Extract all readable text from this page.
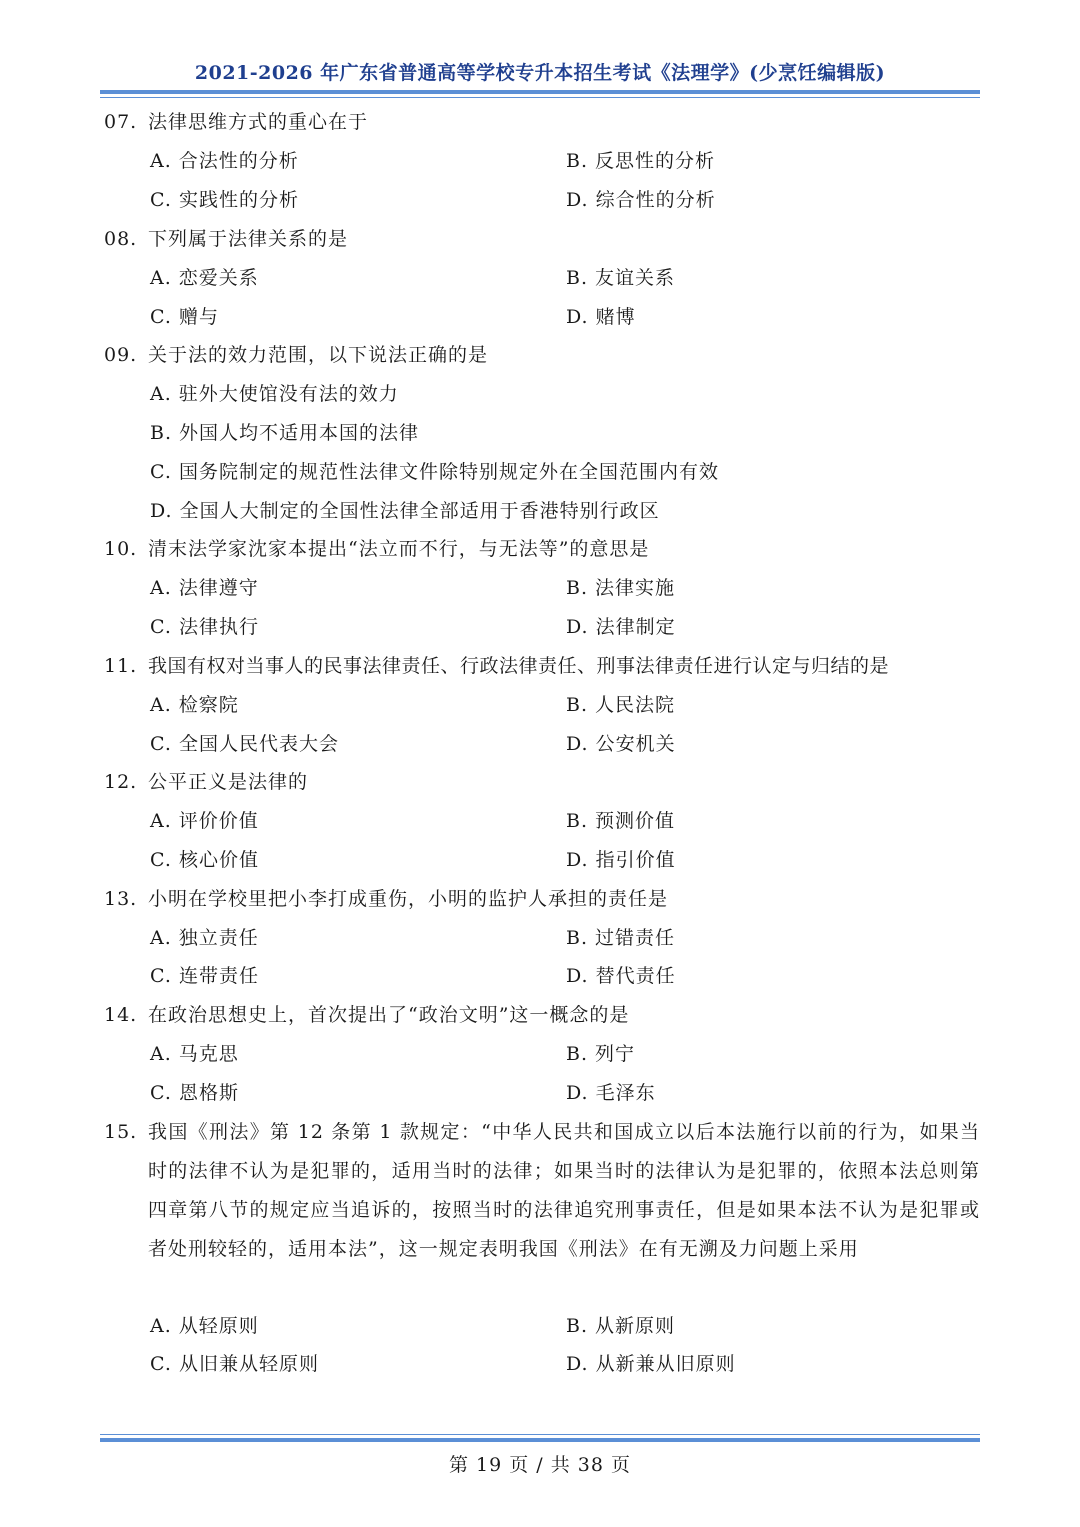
2021-2026 年广东省普通高等学校专升本招生考试《法理学》(少烹饪编辑版)
07. 法律思维方式的重心在于
A. 合法性的分析	B. 反思性的分析
C. 实践性的分析	D. 综合性的分析
08. 下列属于法律关系的是
A. 恋爱关系	B. 友谊关系
C. 赠与	D. 赌博
09. 关于法的效力范围，以下说法正确的是
A. 驻外大使馆没有法的效力
B. 外国人均不适用本国的法律
C. 国务院制定的规范性法律文件除特别规定外在全国范围内有效
D. 全国人大制定的全国性法律全部适用于香港特别行政区
10. 清末法学家沈家本提出“法立而不行，与无法等”的意思是
A. 法律遵守	B. 法律实施
C. 法律执行	D. 法律制定
11. 我国有权对当事人的民事法律责任、行政法律责任、刑事法律责任进行认定与归结的是
A. 检察院	B. 人民法院
C. 全国人民代表大会	D. 公安机关
12. 公平正义是法律的
A. 评价价值	B. 预测价值
C. 核心价值	D. 指引价值
13. 小明在学校里把小李打成重伤，小明的监护人承担的责任是
A. 独立责任	B. 过错责任
C. 连带责任	D. 替代责任
14. 在政治思想史上，首次提出了“政治文明”这一概念的是
A. 马克思	B. 列宁
C. 恩格斯	D. 毛泽东
15. 我国《刑法》第 12 条第 1 款规定：“中华人民共和国成立以后本法施行以前的行为，如果当时的法律不认为是犯罪的，适用当时的法律；如果当时的法律认为是犯罪的，依照本法总则第四章第八节的规定应当追诉的，按照当时的法律追究刑事责任，但是如果本法不认为是犯罪或者处刑较轻的，适用本法”，这一规定表明我国《刑法》在有无溯及力问题上采用
A. 从轻原则	B. 从新原则
C. 从旧兼从轻原则	D. 从新兼从旧原则
第 19 页 / 共 38 页
